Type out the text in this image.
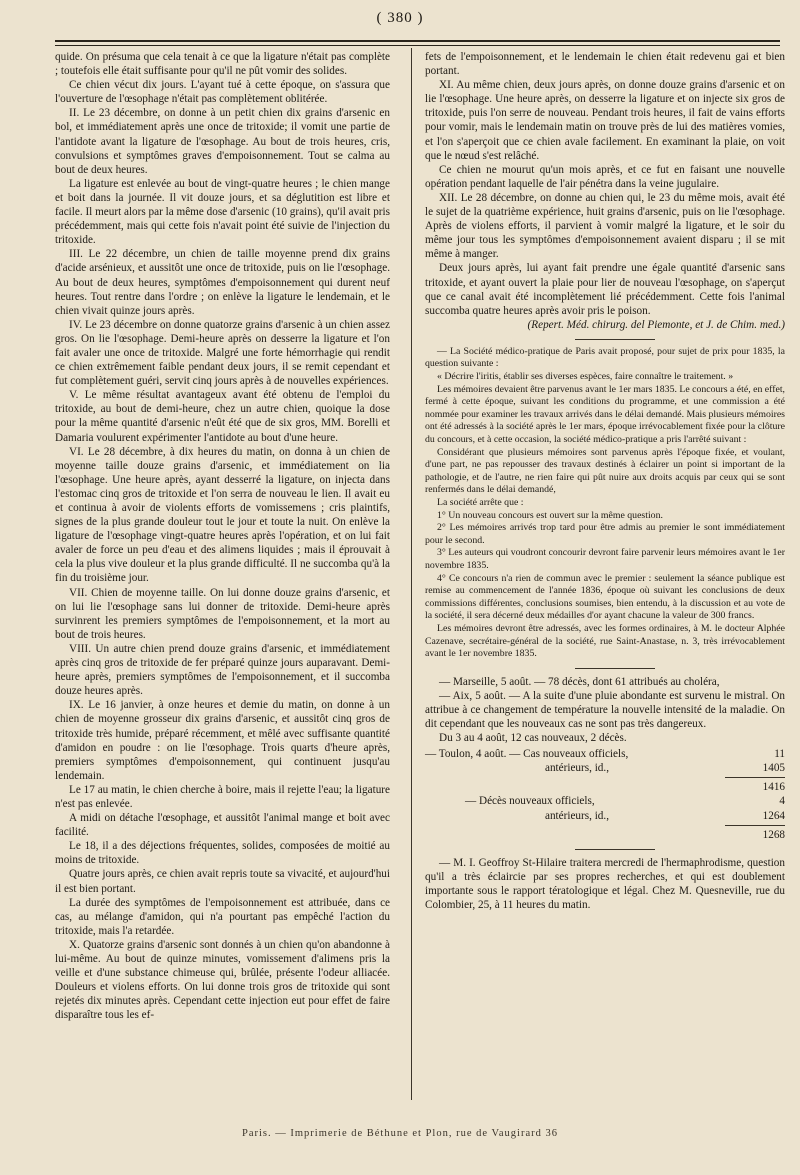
( 380 )

quide. On présuma que cela tenait à ce que la ligature n'était pas complète ; toutefois elle était suffisante pour qu'il ne pût vomir des solides.

Ce chien vécut dix jours. L'ayant tué à cette époque, on s'assura que l'ouverture de l'œsophage n'était pas complètement oblitérée.

II. Le 23 décembre, on donne à un petit chien dix grains d'arsenic en bol, et immédiatement après une once de tritoxide; il vomit une partie de l'antidote avant la ligature de l'œsophage. Au bout de trois heures, cris, convulsions et symptômes graves d'empoisonnement. Tout se calma au bout de deux heures.

La ligature est enlevée au bout de vingt-quatre heures ; le chien mange et boit dans la journée. Il vit douze jours, et sa déglutition est libre et facile. Il meurt alors par la même dose d'arsenic (10 grains), qu'il avait pris précédemment, mais qui cette fois n'avait point été suivie de l'injection du tritoxide.

III. Le 22 décembre, un chien de taille moyenne prend dix grains d'acide arsénieux, et aussitôt une once de tritoxide, puis on lie l'œsophage. Au bout de deux heures, symptômes d'empoisonnement qui durent neuf heures. Tout rentre dans l'ordre ; on enlève la ligature le lendemain, et le chien vivait quinze jours après.

IV. Le 23 décembre on donne quatorze grains d'arsenic à un chien assez gros. On lie l'œsophage. Demi-heure après on desserre la ligature et l'on fait avaler une once de tritoxide. Malgré une forte hémorrhagie qui rendit ce chien extrêmement faible pendant deux jours, il se remit cependant et fut complètement guéri, servit cinq jours après à de nouvelles expériences.

V. Le même résultat avantageux avant été obtenu de l'emploi du tritoxide, au bout de demi-heure, chez un autre chien, quoique la dose pour la même quantité d'arsenic n'eût été que de six gros, MM. Borelli et Damaria voulurent expérimenter l'antidote au bout d'une heure.

VI. Le 28 décembre, à dix heures du matin, on donna à un chien de moyenne taille douze grains d'arsenic, et immédiatement on lia l'œsophage. Une heure après, ayant desserré la ligature, on injecta dans l'estomac cinq gros de tritoxide et l'on serra de nouveau le lien. Il avait eu et continua à avoir de violents efforts de vomissemens ; cris plaintifs, signes de la plus grande douleur tout le jour et toute la nuit. On enlève la ligature de l'œsophage vingt-quatre heures après l'opération, et on lui fait avaler de force un peu d'eau et des alimens liquides ; mais il éprouvait à cela la plus vive douleur et la plus grande difficulté. Il ne succomba qu'à la fin du troisième jour.

VII. Chien de moyenne taille. On lui donne douze grains d'arsenic, et on lui lie l'œsophage sans lui donner de tritoxide. Demi-heure après survinrent les premiers symptômes de l'empoisonnement, et la mort au bout de trois heures.

VIII. Un autre chien prend douze grains d'arsenic, et immédiatement après cinq gros de tritoxide de fer préparé quinze jours auparavant. Demi-heure après, premiers symptômes de l'empoisonnement, et il succomba douze heures après.

IX. Le 16 janvier, à onze heures et demie du matin, on donne à un chien de moyenne grosseur dix grains d'arsenic, et aussitôt cinq gros de tritoxide très humide, préparé récemment, et mêlé avec suffisante quantité d'amidon en poudre : on lie l'œsophage. Trois quarts d'heure après, premiers symptômes d'empoisonnement, qui continuent jusqu'au lendemain.

Le 17 au matin, le chien cherche à boire, mais il rejette l'eau; la ligature n'est pas enlevée.

A midi on détache l'œsophage, et aussitôt l'animal mange et boit avec facilité.

Le 18, il a des déjections fréquentes, solides, composées de moitié au moins de tritoxide.

Quatre jours après, ce chien avait repris toute sa vivacité, et aujourd'hui il est bien portant.

La durée des symptômes de l'empoisonnement est attribuée, dans ce cas, au mélange d'amidon, qui n'a pourtant pas empêché l'action du tritoxide, mais l'a retardée.

X. Quatorze grains d'arsenic sont donnés à un chien qu'on abandonne à lui-même. Au bout de quinze minutes, vomissement d'alimens pris la veille et d'une substance chimeuse qui, brûlée, présente l'odeur alliacée. Douleurs et violens efforts. On lui donne trois gros de tritoxide qui sont rejetés dix minutes après. Cependant cette injection eut pour effet de faire disparaître tous les ef-

fets de l'empoisonnement, et le lendemain le chien était redevenu gai et bien portant.

XI. Au même chien, deux jours après, on donne douze grains d'arsenic et on lie l'œsophage. Une heure après, on desserre la ligature et on injecte six gros de tritoxide, puis l'on serre de nouveau. Pendant trois heures, il fait de vains efforts pour vomir, mais le lendemain matin on trouve près de lui des matières vomies, et l'on s'aperçoit que ce chien avale facilement. En examinant la plaie, on voit que le nœud s'est relâché.

Ce chien ne mourut qu'un mois après, et ce fut en faisant une nouvelle opération pendant laquelle de l'air pénétra dans la veine jugulaire.

XII. Le 28 décembre, on donne au chien qui, le 23 du même mois, avait été le sujet de la quatrième expérience, huit grains d'arsenic, puis on lie l'œsophage. Après de violens efforts, il parvient à vomir malgré la ligature, et le soir du même jour tous les symptômes d'empoisonnement avaient disparu ; il se mit même à manger.

Deux jours après, lui ayant fait prendre une égale quantité d'arsenic sans tritoxide, et ayant ouvert la plaie pour lier de nouveau l'œsophage, on s'aperçut que ce canal avait été incomplètement lié précédemment. Cette fois l'animal succomba quatre heures après avoir pris le poison.

(Repert. Méd. chirurg. del Piemonte, et J. de Chim. med.)

— La Société médico-pratique de Paris avait proposé, pour sujet de prix pour 1835, la question suivante :

« Décrire l'iritis, établir ses diverses espèces, faire connaître le traitement. »

Les mémoires devaient être parvenus avant le 1er mars 1835. Le concours a été, en effet, fermé à cette époque, suivant les conditions du programme, et une commission a été nommée pour examiner les travaux arrivés dans le délai demandé. Mais plusieurs mémoires ont été adressés à la société après le 1er mars, époque irrévocablement fixée pour la clôture du concours, et à cette occasion, la société médico-pratique a pris l'arrêté suivant :

Considérant que plusieurs mémoires sont parvenus après l'époque fixée, et voulant, d'une part, ne pas repousser des travaux destinés à éclairer un point si important de la pathologie, et de l'autre, ne rien faire qui pût nuire aux droits acquis par ceux qui se sont renfermés dans le délai demandé,

La société arrête que :

1° Un nouveau concours est ouvert sur la même question.

2° Les mémoires arrivés trop tard pour être admis au premier le sont immédiatement pour le second.

3° Les auteurs qui voudront concourir devront faire parvenir leurs mémoires avant le 1er novembre 1835.

4° Ce concours n'a rien de commun avec le premier : seulement la séance publique est remise au commencement de l'année 1836, époque où suivant les conclusions de deux commissions différentes, conclusions soumises, bien entendu, à la discussion et au vote de la société, il sera décerné deux médailles d'or ayant chacune la valeur de 300 francs.

Les mémoires devront être adressés, avec les formes ordinaires, à M. le docteur Alphée Cazenave, secrétaire-général de la société, rue Saint-Anastase, n. 3, très irrévocablement avant le 1er novembre 1835.

— Marseille, 5 août. — 78 décès, dont 61 attribués au choléra,

— Aix, 5 août. — A la suite d'une pluie abondante est survenu le mistral. On attribue à ce changement de température la nouvelle intensité de la maladie. On dit cependant que les nouveaux cas ne sont pas très dangereux.

Du 3 au 4 août, 12 cas nouveaux, 2 décès.

— Toulon, 4 août. — Cas nouveaux officiels,	11
antérieurs, id.,	1405
1416
— Décès nouveaux officiels,	4
antérieurs, id.,	1264
1268

— M. I. Geoffroy St-Hilaire traitera mercredi de l'hermaphrodisme, question qu'il a très éclaircie par ses propres recherches, et qui est doublement importante sous le rapport tératologique et légal. Chez M. Quesneville, rue du Colombier, 25, à 11 heures du matin.

Paris. — Imprimerie de Béthune et Plon, rue de Vaugirard 36
